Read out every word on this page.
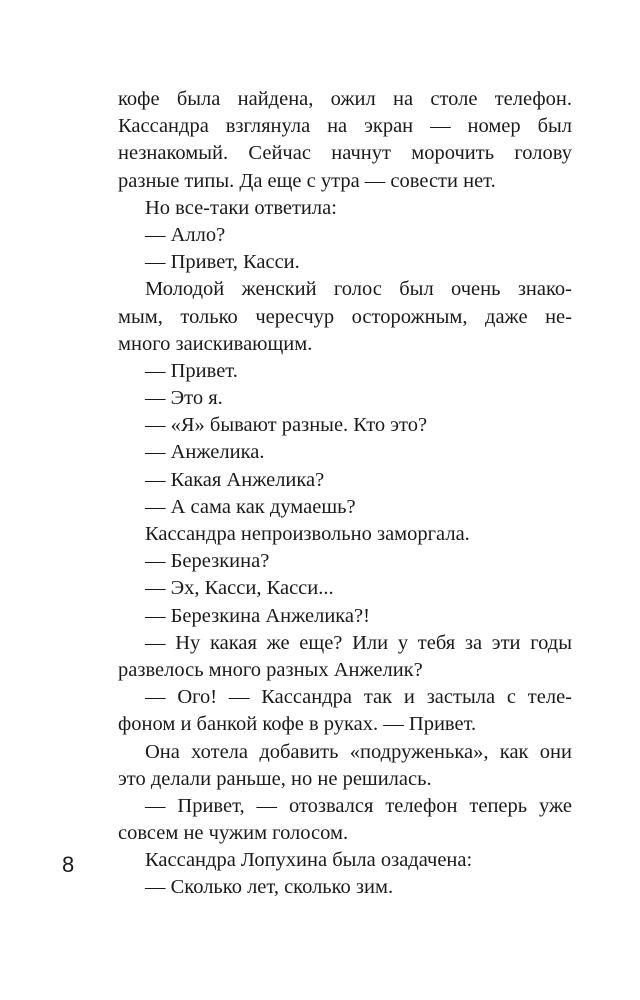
кофе была найдена, ожил на столе телефон.
Кассандра взглянула на экран — номер был
незнакомый. Сейчас начнут морочить голову
разные типы. Да еще с утра — совести нет.
Но все-таки ответила:
— Алло?
— Привет, Касси.
Молодой женский голос был очень знако-
мым, только чересчур осторожным, даже не-
много заискивающим.
— Привет.
— Это я.
— «Я» бывают разные. Кто это?
— Анжелика.
— Какая Анжелика?
— А сама как думаешь?
Кассандра непроизвольно заморгала.
— Березкина?
— Эх, Касси, Касси...
— Березкина Анжелика?!
— Ну какая же еще? Или у тебя за эти годы
развелось много разных Анжелик?
— Ого! — Кассандра так и застыла с теле-
фоном и банкой кофе в руках. — Привет.
Она хотела добавить «подруженька», как они
это делали раньше, но не решилась.
— Привет, — отозвался телефон теперь уже
совсем не чужим голосом.
Кассандра Лопухина была озадачена:
— Сколько лет, сколько зим.
8
